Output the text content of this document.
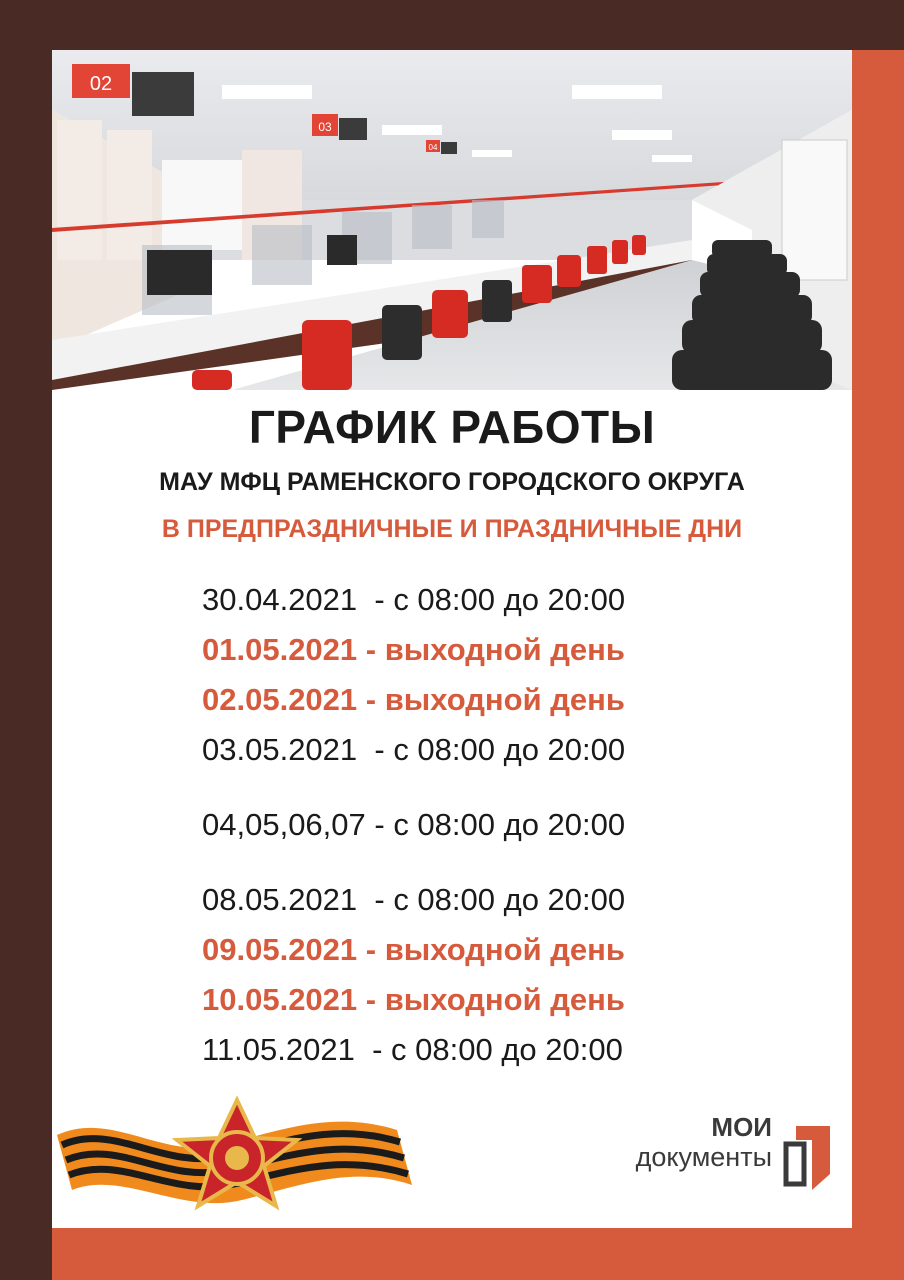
02
03
04
ГРАФИК РАБОТЫ
МАУ МФЦ РАМЕНСКОГО ГОРОДСКОГО ОКРУГА
В ПРЕДПРАЗДНИЧНЫЕ И ПРАЗДНИЧНЫЕ ДНИ
30.04.2021  - с 08:00 до 20:00
01.05.2021 - выходной день
02.05.2021 - выходной день
03.05.2021  - с 08:00 до 20:00
04,05,06,07 - с 08:00 до 20:00
08.05.2021  - с 08:00 до 20:00
09.05.2021 - выходной день
10.05.2021 - выходной день
11.05.2021  - с 08:00 до 20:00
МОИ
документы
